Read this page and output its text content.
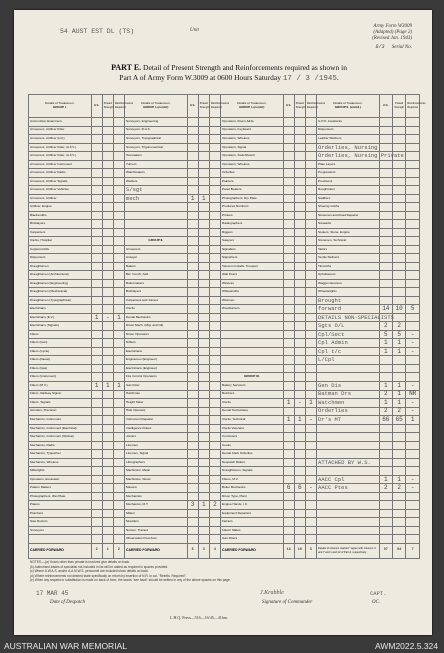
54 AUST EST DL (TS)	Unit
Army Form W3009
(Adapted) (Page 2)
(Revised Jan. 1943)
8/3 Serial No.
PART E. Detail of Present Strength and Reinforcements required as shown in
Part A of Army Form W.3009 at 0600 Hours Saturday 17 / 3 /1945.
Details of Tradesmen.
GROUP I.	W.E.	Posted Strength	Reinforcements Required	Details of Tradesmen.
GROUP I. (contd.)	W.E.	Posted Strength	Reinforcements Required	Details of Tradesmen.
GROUP I. (contd.)	W.E.	Posted Strength	Reinforcements Required	Details of Tradesmen.
GROUP II. (contd.)	W.E.	Posted Strength	Reinforcements Required
Ammunition Examiners				Surveyors, Engineering				Operators, Room Adds.				G.P.O. Assistants			
Armourers, Artificer Fitter				Surveyors, R.A.S.				Operators, Keyboard				Dispensers			
Armourers, Artificer (Ind.)				Surveyors, Topographical				Operators, Wireless				Leather Stitchers			
Armourers, Artificer Fitter, (A.F.V.)				Surveyors, Trigonometrical				Operators, Signal				Orderlies, Nursing			
Armourers, Artificer Fitter, (A.F.V.)				Telemakers				Operators, Switchboard				Orderlies, Nursing Private			
Armourers, Artificer Instrument				Turners				Operators, Wireless				Plate Layers			
Armourers, Artificer Radio				Watchmakers				Orderlies				Progresslers			
Armourers, Artificer Signals				Welders				Painters				Provisions			
Armourers, Artificer Vehicles				S/sgt				Panel Beaters				Roughriders			
Armourers, Artificer				mech	1	1		Photographers, Dry Plate				Saddlers			
Artificer, Engine								Produces Numbers				Shoeing smiths			
Blacksmiths								Printers				Storeman and Road Repairer			
Bricklayers								Radiographers				Stewards			
Carpenters								Riggers				Stokers, Stone, Engine			
Clerks, Hospital				GROUP II.				Sawyers				Storemen, Technical			
Coppersmiths				Armourers				Signallers				Tailors			
Dispensers				Assayer				Signwriters				Textile Refiners			
Draughtsmen				Bakers				Telecom Installs. Troopers				Tinsmiths			
Draughtsmen (Architectural)				Bkr. Cond'r, Add.				Wall Fixers				Upholsterers			
Draughtsmen (Engineering)				Boilermakers				Wireless				Waggon Erectors			
Draughtsmen (Mechanical)				Bricklayers				Whitesmiths				Wheelwrights			
Draughtsmen (Typographical)				Carpenters and Joiners				Wiremen				Brought			
Electricians				Clerks				Woodturners				forward	14	10	5
Electricians (E.V.)	1	-	1	Dental Mechanics								DETAILS NON-SPECIALISTS			
Electricians (Signals)				Driver Mech. (Mtg. and Oil)								Sgts O/L	2	2	
Fitters				Driver Operators								Cpl/Sect	5	5	-
Fitters (Gun)				Drillers								Cpl Admin	1	1	-
Fitters (Cycle)				Electricians								Cpl t/c	1	1	-
Fitters (Diesel)				Enginemen (Engineer)								L/Cpl			
Fitters (Gas)				Electricians (Engineer)											
Fitters (Instrument)				Fire Control Operators				GROUP III.							
Fitters (M.V.)	1	1	1	Gas Fitter				Battery Servicers				Gen Dis	1	1	-
Fitters, Railway Signal				Hatchman				Butchers				Batman Drs	2	1	NR
Fitters, Signals				Height Taker				Clerks	1	-	1	Watchmen	1	1	-
Grinders, Precision				Hide Operator				Dental Technicians				Orderlies	2	2	-
Mechanics, Instrument				Instrument Repairer				Clerks, Technical	1	1	-	Dr's MT	66	65	1
Mechanics, Instrument (Electrical)				Intelligence Duties				Clerks Veterans							
Mechanics, Instrument (Optical)				Joiners				Concreters							
Mechanics, Radio				Linemen				Cooks							
Mechanics, Typewriter				Linemen, Signal				Dental Clerk Orderlies							
Mechanics, Wireless				Lithographers				Despatch Riders				ATTACHED BY W.S.			
Millwrights				Machinists, Metal				Draughtsmen, Signals							
Operators, Excavator				Machinists, Wood				Fitters, M.V.				AACC Cpl	1	1	-
Pattern Makers				Masons				Boiler Mechanics	6	6	-	AACC Ptes	2	2	-
Photographers, Wet Plate				Mechanists				Driver Type, Plant							
Platers				Mechanics, M.T.	3	1	2	Engine Hands, I.C.							
Plumbers				Millers				Equipment Repairers							
Saw Doctors				Moulders				Farriers							
Surveyors				Nurses, Trained				Fitters' Mates							
				Observation Post Asst.				Gas Fitters							
CARRIED FORWARD	2	1	2	CARRIED FORWARD	5	3	4	CARRIED FORWARD	14	10	5	Details of columns marked * agree with columns 4 and 7 and 1 and 12 of Part A. respectively.	97	94	7
NOTES.—(a) If rank other than private is involved give details on back.
(b) Authorised trades of specialist not included in list will be added as required in spaces provided.
(c) Where A.W.A.S. and/or A.A.M.W.S. personnel are included show details on back.
(d) Where reinforcements not desired state specifically on return by insertion of N.R. in col. "Reinfts. Required".
(e) When any request or substitution is made on back of form, the words "see back" should be written in any of the above spaces on this page.
17 MAR 45
Date of Despatch
J.Krabble
Signature of Commander
CAPT.
OC.
L.H.Q. Press—516—16/45—41bm.
AUSTRALIAN WAR MEMORIAL	AWM2022.5.324
